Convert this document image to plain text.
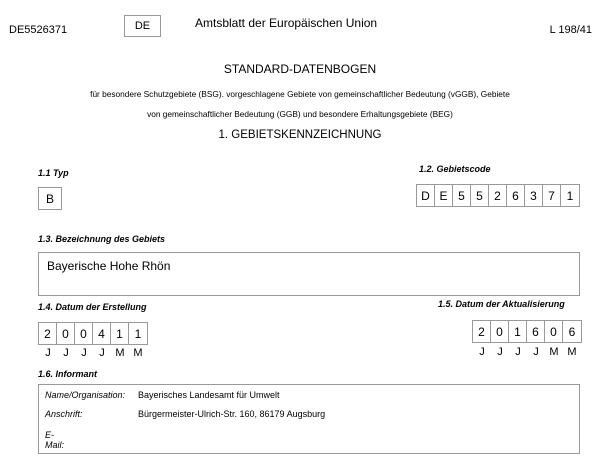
DE5526371	DE	Amtsblatt der Europäischen Union	L 198/41
STANDARD-DATENBOGEN
für besondere Schutzgebiete (BSG). vorgeschlagene Gebiete von gemeinschaftlicher Bedeutung (vGGB), Gebiete
von gemeinschaftlicher Bedeutung (GGB) und besondere Erhaltungsgebiete (BEG)
1. GEBIETSKENNZEICHNUNG
1.1 Typ
B
1.2. Gebietscode
D E 5 5 2 6 3 7 1
1.3. Bezeichnung des Gebiets
Bayerische Hohe Rhön
1.4. Datum der Erstellung
2 0 0 4 1 1
J	J	J	J M M
1.5. Datum der Aktualisierung
2 0 1 6 0 6
J	J	J	J M M
1.6. Informant
Name/Organisation: Bayerisches Landesamt für Umwelt
Anschrift:	Bürgermeister-Ulrich-Str. 160, 86179 Augsburg
E-Mail:
